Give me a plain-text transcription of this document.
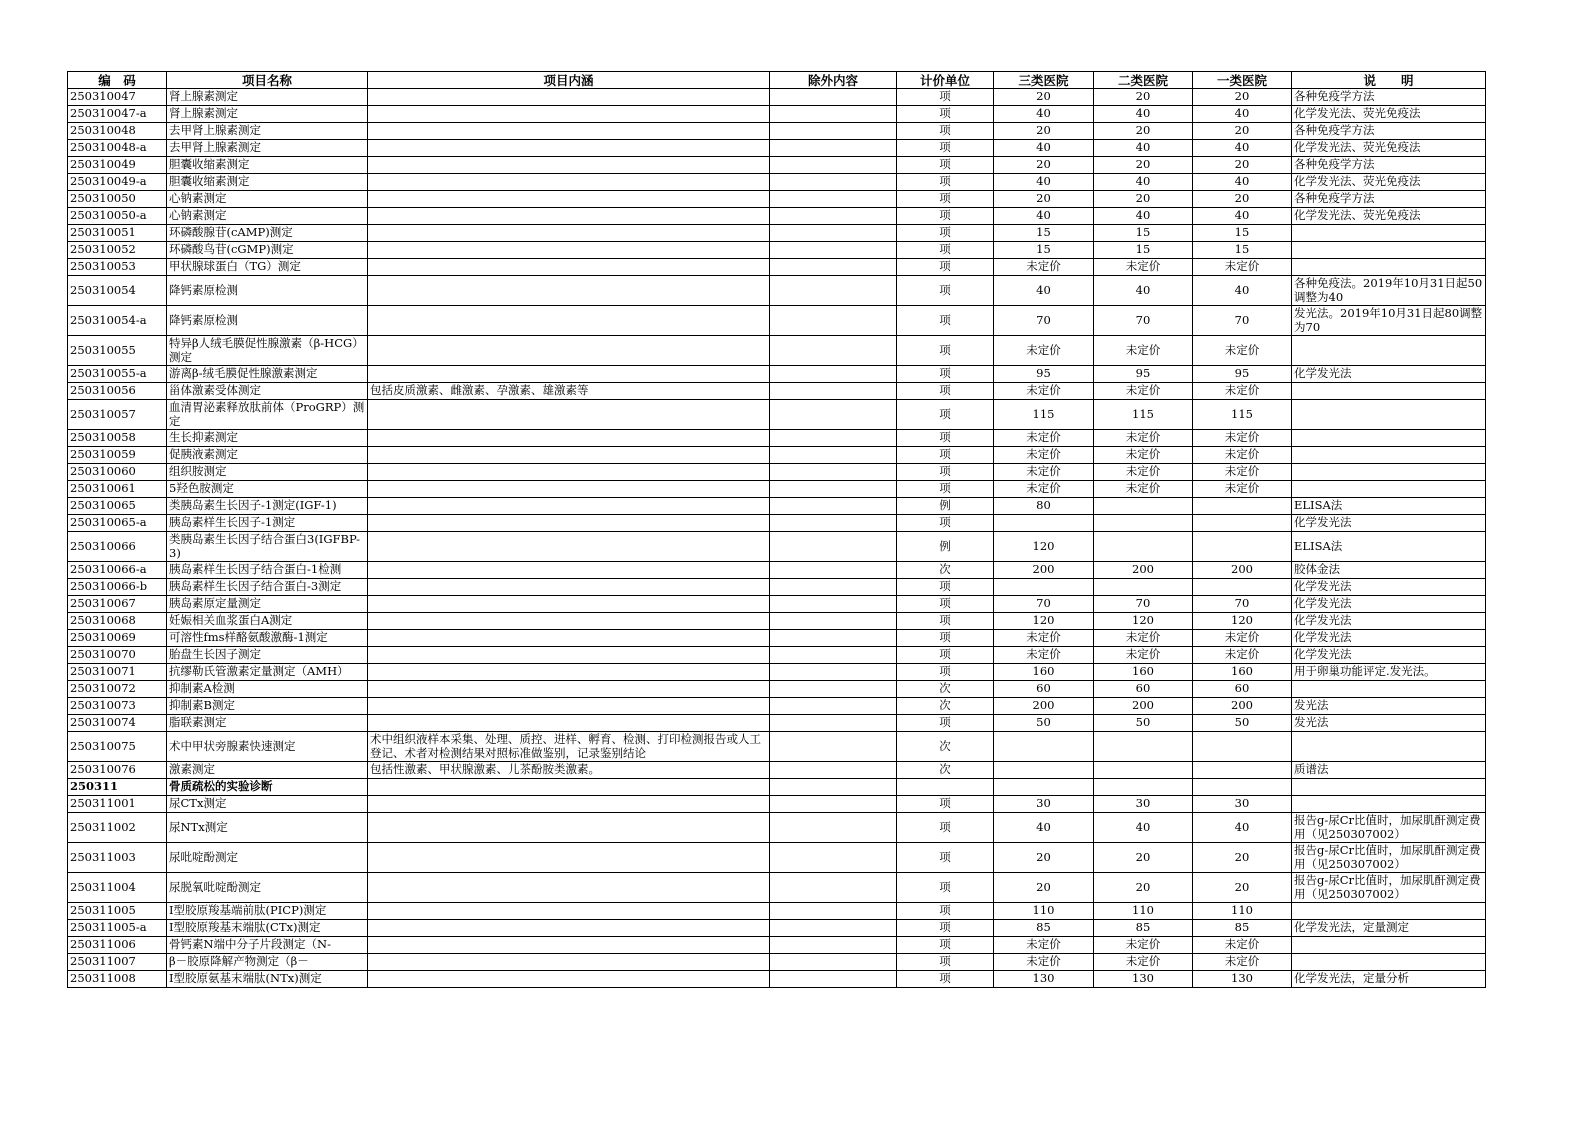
编　码	项目名称	项目内涵	除外内容	计价单位	三类医院	二类医院	一类医院	说　　明
250310047	肾上腺素测定			项	20	20	20	各种免疫学方法
250310047-a	肾上腺素测定			项	40	40	40	化学发光法、荧光免疫法
250310048	去甲肾上腺素测定			项	20	20	20	各种免疫学方法
250310048-a	去甲肾上腺素测定			项	40	40	40	化学发光法、荧光免疫法
250310049	胆囊收缩素测定			项	20	20	20	各种免疫学方法
250310049-a	胆囊收缩素测定			项	40	40	40	化学发光法、荧光免疫法
250310050	心钠素测定			项	20	20	20	各种免疫学方法
250310050-a	心钠素测定			项	40	40	40	化学发光法、荧光免疫法
250310051	环磷酸腺苷(cAMP)测定			项	15	15	15	
250310052	环磷酸鸟苷(cGMP)测定			项	15	15	15	
250310053	甲状腺球蛋白（TG）测定			项	未定价	未定价	未定价	
250310054	降钙素原检测			项	40	40	40	各种免疫法。2019年10月31日起50调整为40
250310054-a	降钙素原检测			项	70	70	70	发光法。2019年10月31日起80调整为70
250310055	特异β人绒毛膜促性腺激素（β-HCG）测定			项	未定价	未定价	未定价	
250310055-a	游离β-绒毛膜促性腺激素测定			项	95	95	95	化学发光法
250310056	甾体激素受体测定	包括皮质激素、雌激素、孕激素、雄激素等		项	未定价	未定价	未定价	
250310057	血清胃泌素释放肽前体（ProGRP）测定			项	115	115	115	
250310058	生长抑素测定			项	未定价	未定价	未定价	
250310059	促胰液素测定			项	未定价	未定价	未定价	
250310060	组织胺测定			项	未定价	未定价	未定价	
250310061	5羟色胺测定			项	未定价	未定价	未定价	
250310065	类胰岛素生长因子-1测定(IGF-1)			例	80			ELISA法
250310065-a	胰岛素样生长因子-1测定			项				化学发光法
250310066	类胰岛素生长因子结合蛋白3(IGFBP-3)			例	120			ELISA法
250310066-a	胰岛素样生长因子结合蛋白-1检测			次	200	200	200	胶体金法
250310066-b	胰岛素样生长因子结合蛋白-3测定			项				化学发光法
250310067	胰岛素原定量测定			项	70	70	70	化学发光法
250310068	妊娠相关血浆蛋白A测定			项	120	120	120	化学发光法
250310069	可溶性fms样酪氨酸激酶-1测定			项	未定价	未定价	未定价	化学发光法
250310070	胎盘生长因子测定			项	未定价	未定价	未定价	化学发光法
250310071	抗缪勒氏管激素定量测定（AMH）			项	160	160	160	用于卵巢功能评定.发光法。
250310072	抑制素A检测			次	60	60	60	
250310073	抑制素B测定			次	200	200	200	发光法
250310074	脂联素测定			项	50	50	50	发光法
250310075	术中甲状旁腺素快速测定	术中组织液样本采集、处理、质控、进样、孵育、检测、打印检测报告或人工登记、术者对检测结果对照标准做鉴别，记录鉴别结论		次				
250310076	激素测定	包括性激素、甲状腺激素、儿茶酚胺类激素。		次				质谱法
250311	骨质疏松的实验诊断							
250311001	尿CTx测定			项	30	30	30	
250311002	尿NTx测定			项	40	40	40	报告g-尿Cr比值时，加尿肌酐测定费用（见250307002）
250311003	尿吡啶酚测定			项	20	20	20	报告g-尿Cr比值时，加尿肌酐测定费用（见250307002）
250311004	尿脱氧吡啶酚测定			项	20	20	20	报告g-尿Cr比值时，加尿肌酐测定费用（见250307002）
250311005	I型胶原羧基端前肽(PICP)测定			项	110	110	110	
250311005-a	I型胶原羧基末端肽(CTx)测定			项	85	85	85	化学发光法，定量测定
250311006	骨钙素N端中分子片段测定（N-			项	未定价	未定价	未定价	
250311007	β－胶原降解产物测定（β－			项	未定价	未定价	未定价	
250311008	I型胶原氨基末端肽(NTx)测定			项	130	130	130	化学发光法，定量分析
